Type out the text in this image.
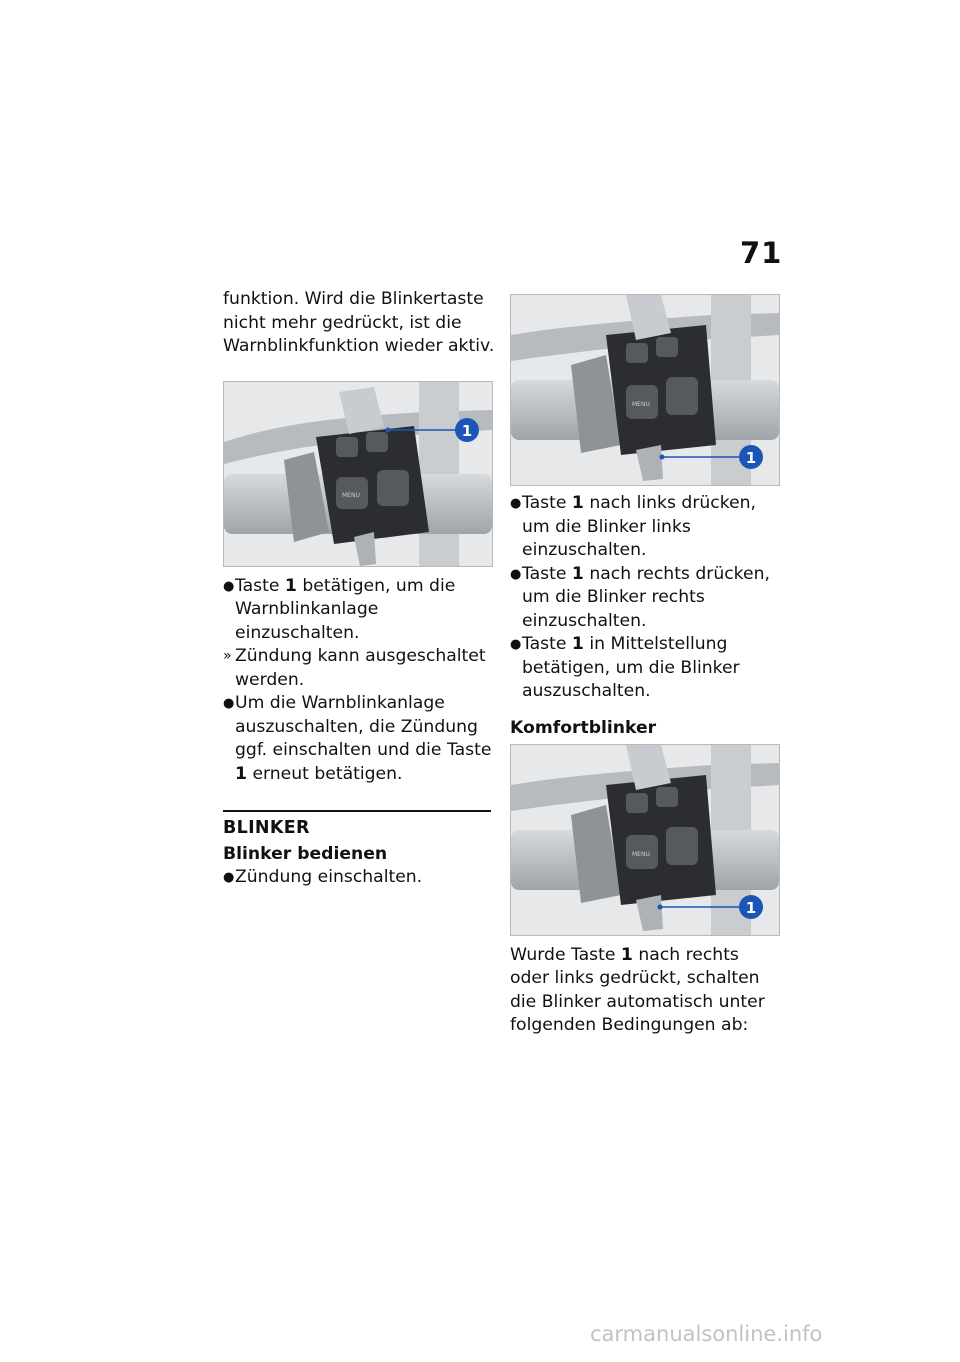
71

funktion. Wird die Blinkertaste nicht mehr gedrückt, ist die Warnblinkfunktion wieder aktiv.

MENU
1
● Taste 1 betätigen, um die Warnblinkanlage einzuschalten.
» Zündung kann ausgeschaltet werden.
● Um die Warnblinkanlage auszuschalten, die Zündung ggf. einschalten und die Taste 1 erneut betätigen.
BLINKER
Blinker bedienen
● Zündung einschalten.
MENU
1
● Taste 1 nach links drücken, um die Blinker links einzuschalten.
● Taste 1 nach rechts drücken, um die Blinker rechts einzuschalten.
● Taste 1 in Mittelstellung betätigen, um die Blinker auszuschalten.
Komfortblinker
MENU
1

Wurde Taste 1 nach rechts oder links gedrückt, schalten die Blinker automatisch unter folgenden Bedingungen ab:

carmanualsonline.info
